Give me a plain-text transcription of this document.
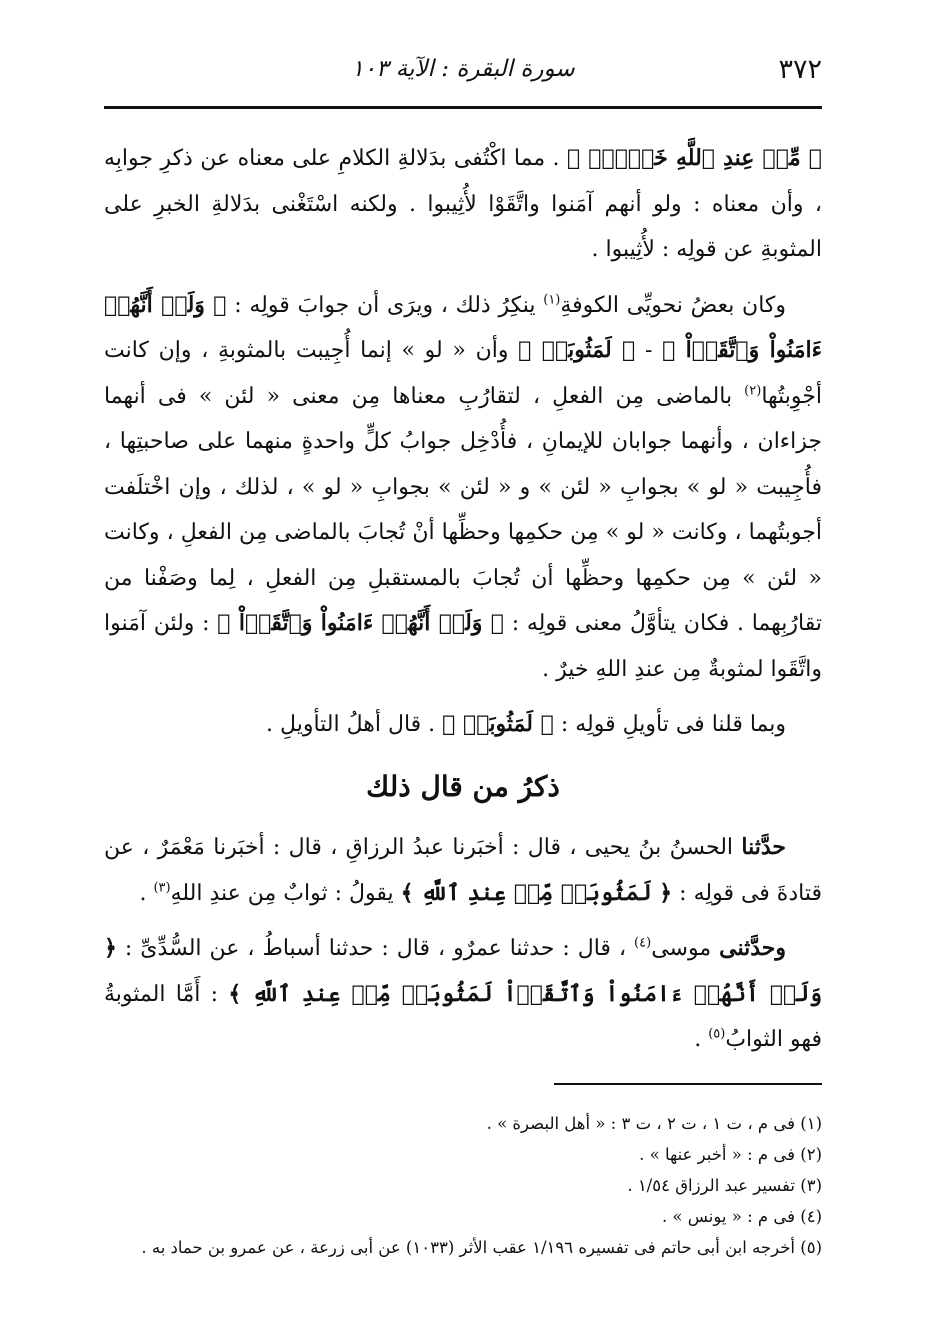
٣٧٢
سورة البقرة : الآية ١٠٣

﴿ مِّنۡ عِندِ ٱللَّهِ خَيۡرٞۚ ﴾ . مما اكْتُفى بدَلالةِ الكلامِ على معناه عن ذكرِ جوابِه ، وأن معناه : ولو أنهم آمَنوا واتَّقَوْا لأُثِيبوا . ولكنه اسْتَغْنى بدَلالةِ الخبرِ على المثوبةِ عن قولِه : لأُثِيبوا .

وكان بعضُ نحويِّى الكوفةِ$^{(١)}$ ينكِرُ ذلك ، ويرَى أن جوابَ قولِه : ﴿ وَلَوۡ أَنَّهُمۡ ءَامَنُواْ وَٱتَّقَوۡاْ ﴾ - ﴿ لَمَثُوبَةٞ ﴾ وأن « لو » إنما أُجِيبت بالمثوبةِ ، وإن كانت أجْوِبتُها$^{(٢)}$ بالماضى مِن الفعلِ ، لتقارُبِ معناها مِن معنى « لئن » فى أنهما جزاءان ، وأنهما جوابان للإيمانِ ، فأُدْخِل جوابُ كلٍّ واحدةٍ منهما على صاحبتِها ، فأُجِيبت « لو » بجوابِ « لئن » و « لئن » بجوابِ « لو » ، لذلك ، وإن اخْتلَفت أجوبتُهما ، وكانت « لو » مِن حكمِها وحظِّها أنْ تُجابَ بالماضى مِن الفعلِ ، وكانت « لئن » مِن حكمِها وحظِّها أن تُجابَ بالمستقبلِ مِن الفعلِ ، لِما وصَفْنا من تقارُبِهما . فكان يتأوَّلُ معنى قولِه : ﴿ وَلَوۡ أَنَّهُمۡ ءَامَنُواْ وَٱتَّقَوۡاْ ﴾ : ولئن آمَنوا واتَّقَوا لمثوبةٌ مِن عندِ اللهِ خيرٌ .

وبما قلنا فى تأويلِ قولِه : ﴿ لَمَثُوبَةٞ ﴾ . قال أهلُ التأويلِ .

ذكرُ من قال ذلك

حدَّثنا الحسنُ بنُ يحيى ، قال : أخبَرنا عبدُ الرزاقِ ، قال : أخبَرنا مَعْمَرٌ ، عن قتادةَ فى قولِه : ﴿ لَمَثُوبَةٞ مِّنۡ عِندِ ٱللَّهِ ﴾ يقولُ : ثوابٌ مِن عندِ اللهِ$^{(٣)}$ .

وحدَّثنى موسى$^{(٤)}$ ، قال : حدثنا عمرٌو ، قال : حدثنا أسباطُ ، عن السُّدِّىِّ : ﴿ وَلَوۡ أَنَّهُمۡ ءَامَنُواْ وَٱتَّقَوۡاْ لَمَثُوبَةٞ مِّنۡ عِندِ ٱللَّهِ ﴾ : أَمَّا المثوبةُ فهو الثوابُ$^{(٥)}$ .

(١) فى م ، ت ١ ، ت ٢ ، ت ٣ : « أهل البصرة » .

(٢) فى م : « أخبر عنها » .

(٣) تفسير عبد الرزاق ١/٥٤ .

(٤) فى م : « يونس » .

(٥) أخرجه ابن أبى حاتم فى تفسيره ١/١٩٦ عقب الأثر (١٠٣٣) عن أبى زرعة ، عن عمرو بن حماد به .
